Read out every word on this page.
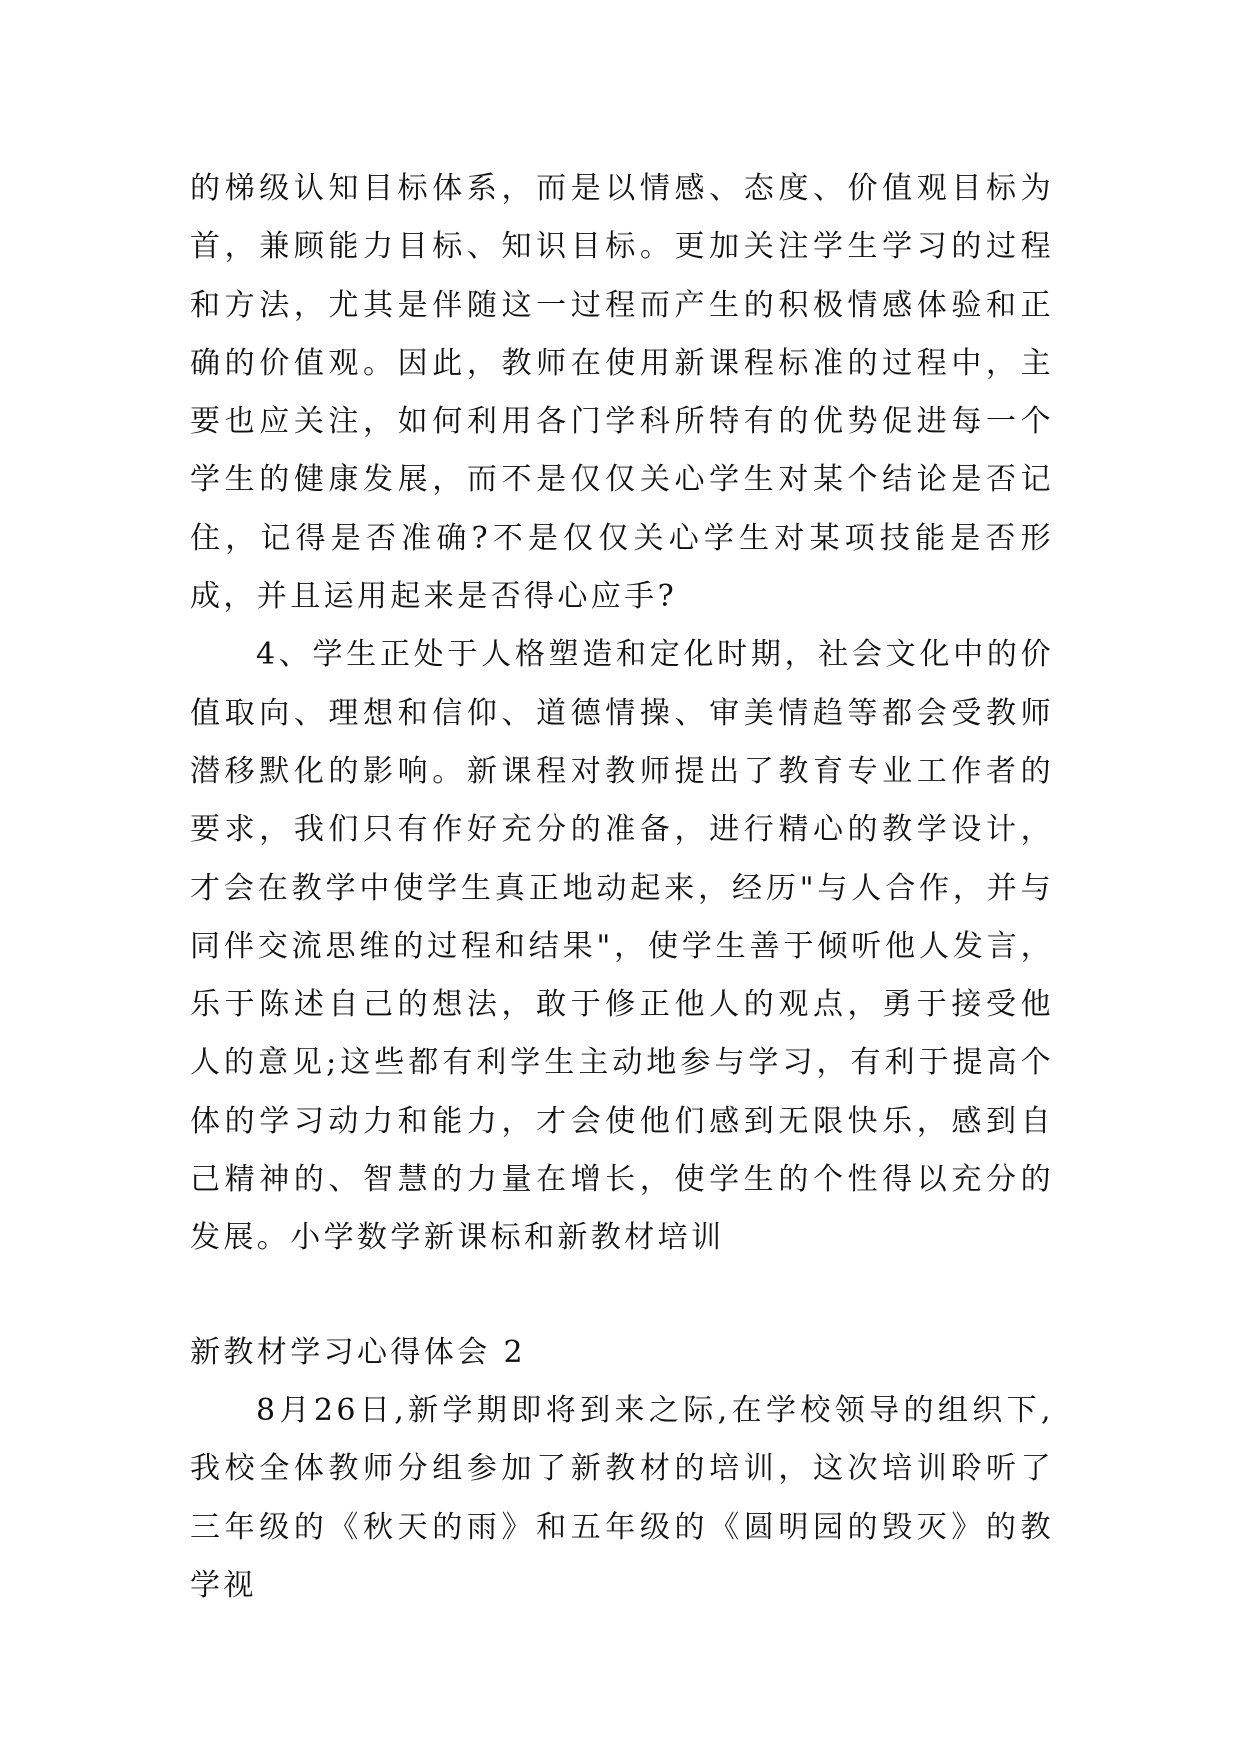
的梯级认知目标体系，而是以情感、态度、价值观目标为首，兼顾能力目标、知识目标。更加关注学生学习的过程和方法，尤其是伴随这一过程而产生的积极情感体验和正确的价值观。因此，教师在使用新课程标准的过程中，主要也应关注，如何利用各门学科所特有的优势促进每一个学生的健康发展，而不是仅仅关心学生对某个结论是否记住，记得是否准确?不是仅仅关心学生对某项技能是否形成，并且运用起来是否得心应手?

4、学生正处于人格塑造和定化时期，社会文化中的价值取向、理想和信仰、道德情操、审美情趋等都会受教师潜移默化的影响。新课程对教师提出了教育专业工作者的要求，我们只有作好充分的准备，进行精心的教学设计，才会在教学中使学生真正地动起来，经历"与人合作，并与同伴交流思维的过程和结果"，使学生善于倾听他人发言，乐于陈述自己的想法，敢于修正他人的观点，勇于接受他人的意见;这些都有利学生主动地参与学习，有利于提高个体的学习动力和能力，才会使他们感到无限快乐，感到自己精神的、智慧的力量在增长，使学生的个性得以充分的发展。小学数学新课标和新教材培训

新教材学习心得体会 2

8月26日,新学期即将到来之际,在学校领导的组织下,我校全体教师分组参加了新教材的培训，这次培训聆听了三年级的《秋天的雨》和五年级的《圆明园的毁灭》的教学视
